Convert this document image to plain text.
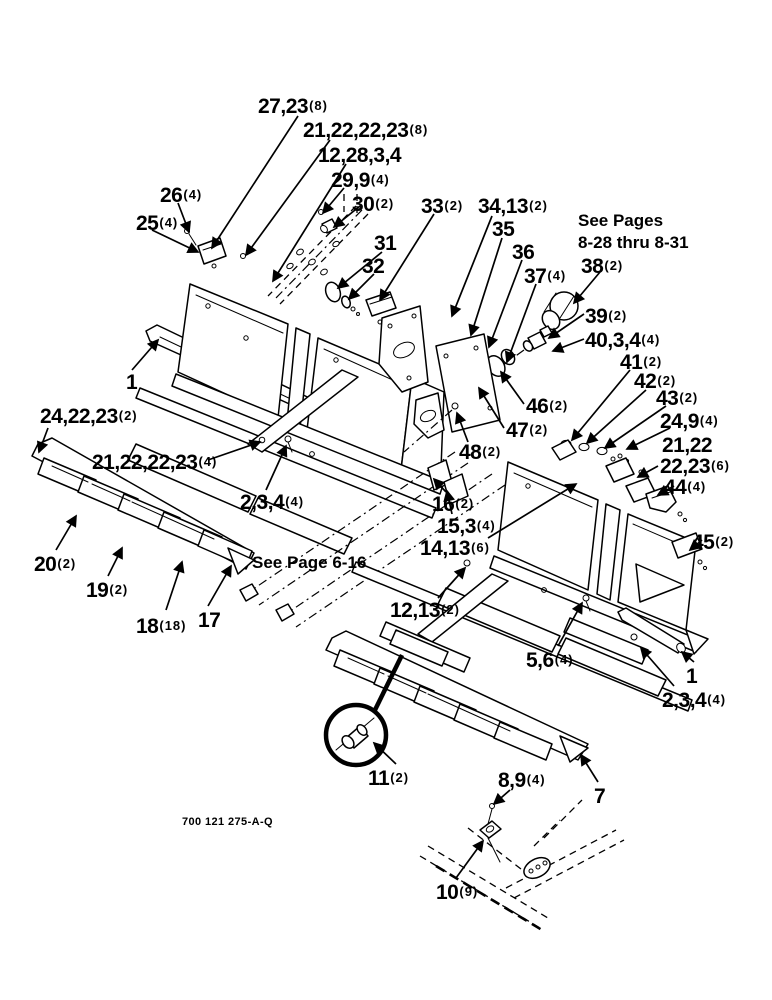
27,23(8)
21,22,22,23(8)
12,28,3,4
29,9(4)
30(2)
26(4)
25(4)
31
32
33(2) 34,13(2)
35
36
37(4) 38(2)
39(2)
40,3,4(4)
41(2)
42(2)
43(2)
24,9(4)
21,22
22,23(6)
44(4)
45(2)
46(2)
47(2)
48(2)
16(2)
15,3(4)
14,13(6)
1
24,22,23(2)
21,22,22,23(4)
2,3,4(4)
20(2)
19(2)
18(18) 17	12,13(2)
5,6(4)
11(2)	8,9(4)
7
10(9)
1
2,3,4(4)
See Pages
8-28 thru 8-31
See Page 6-16
700 121 275-A-Q
